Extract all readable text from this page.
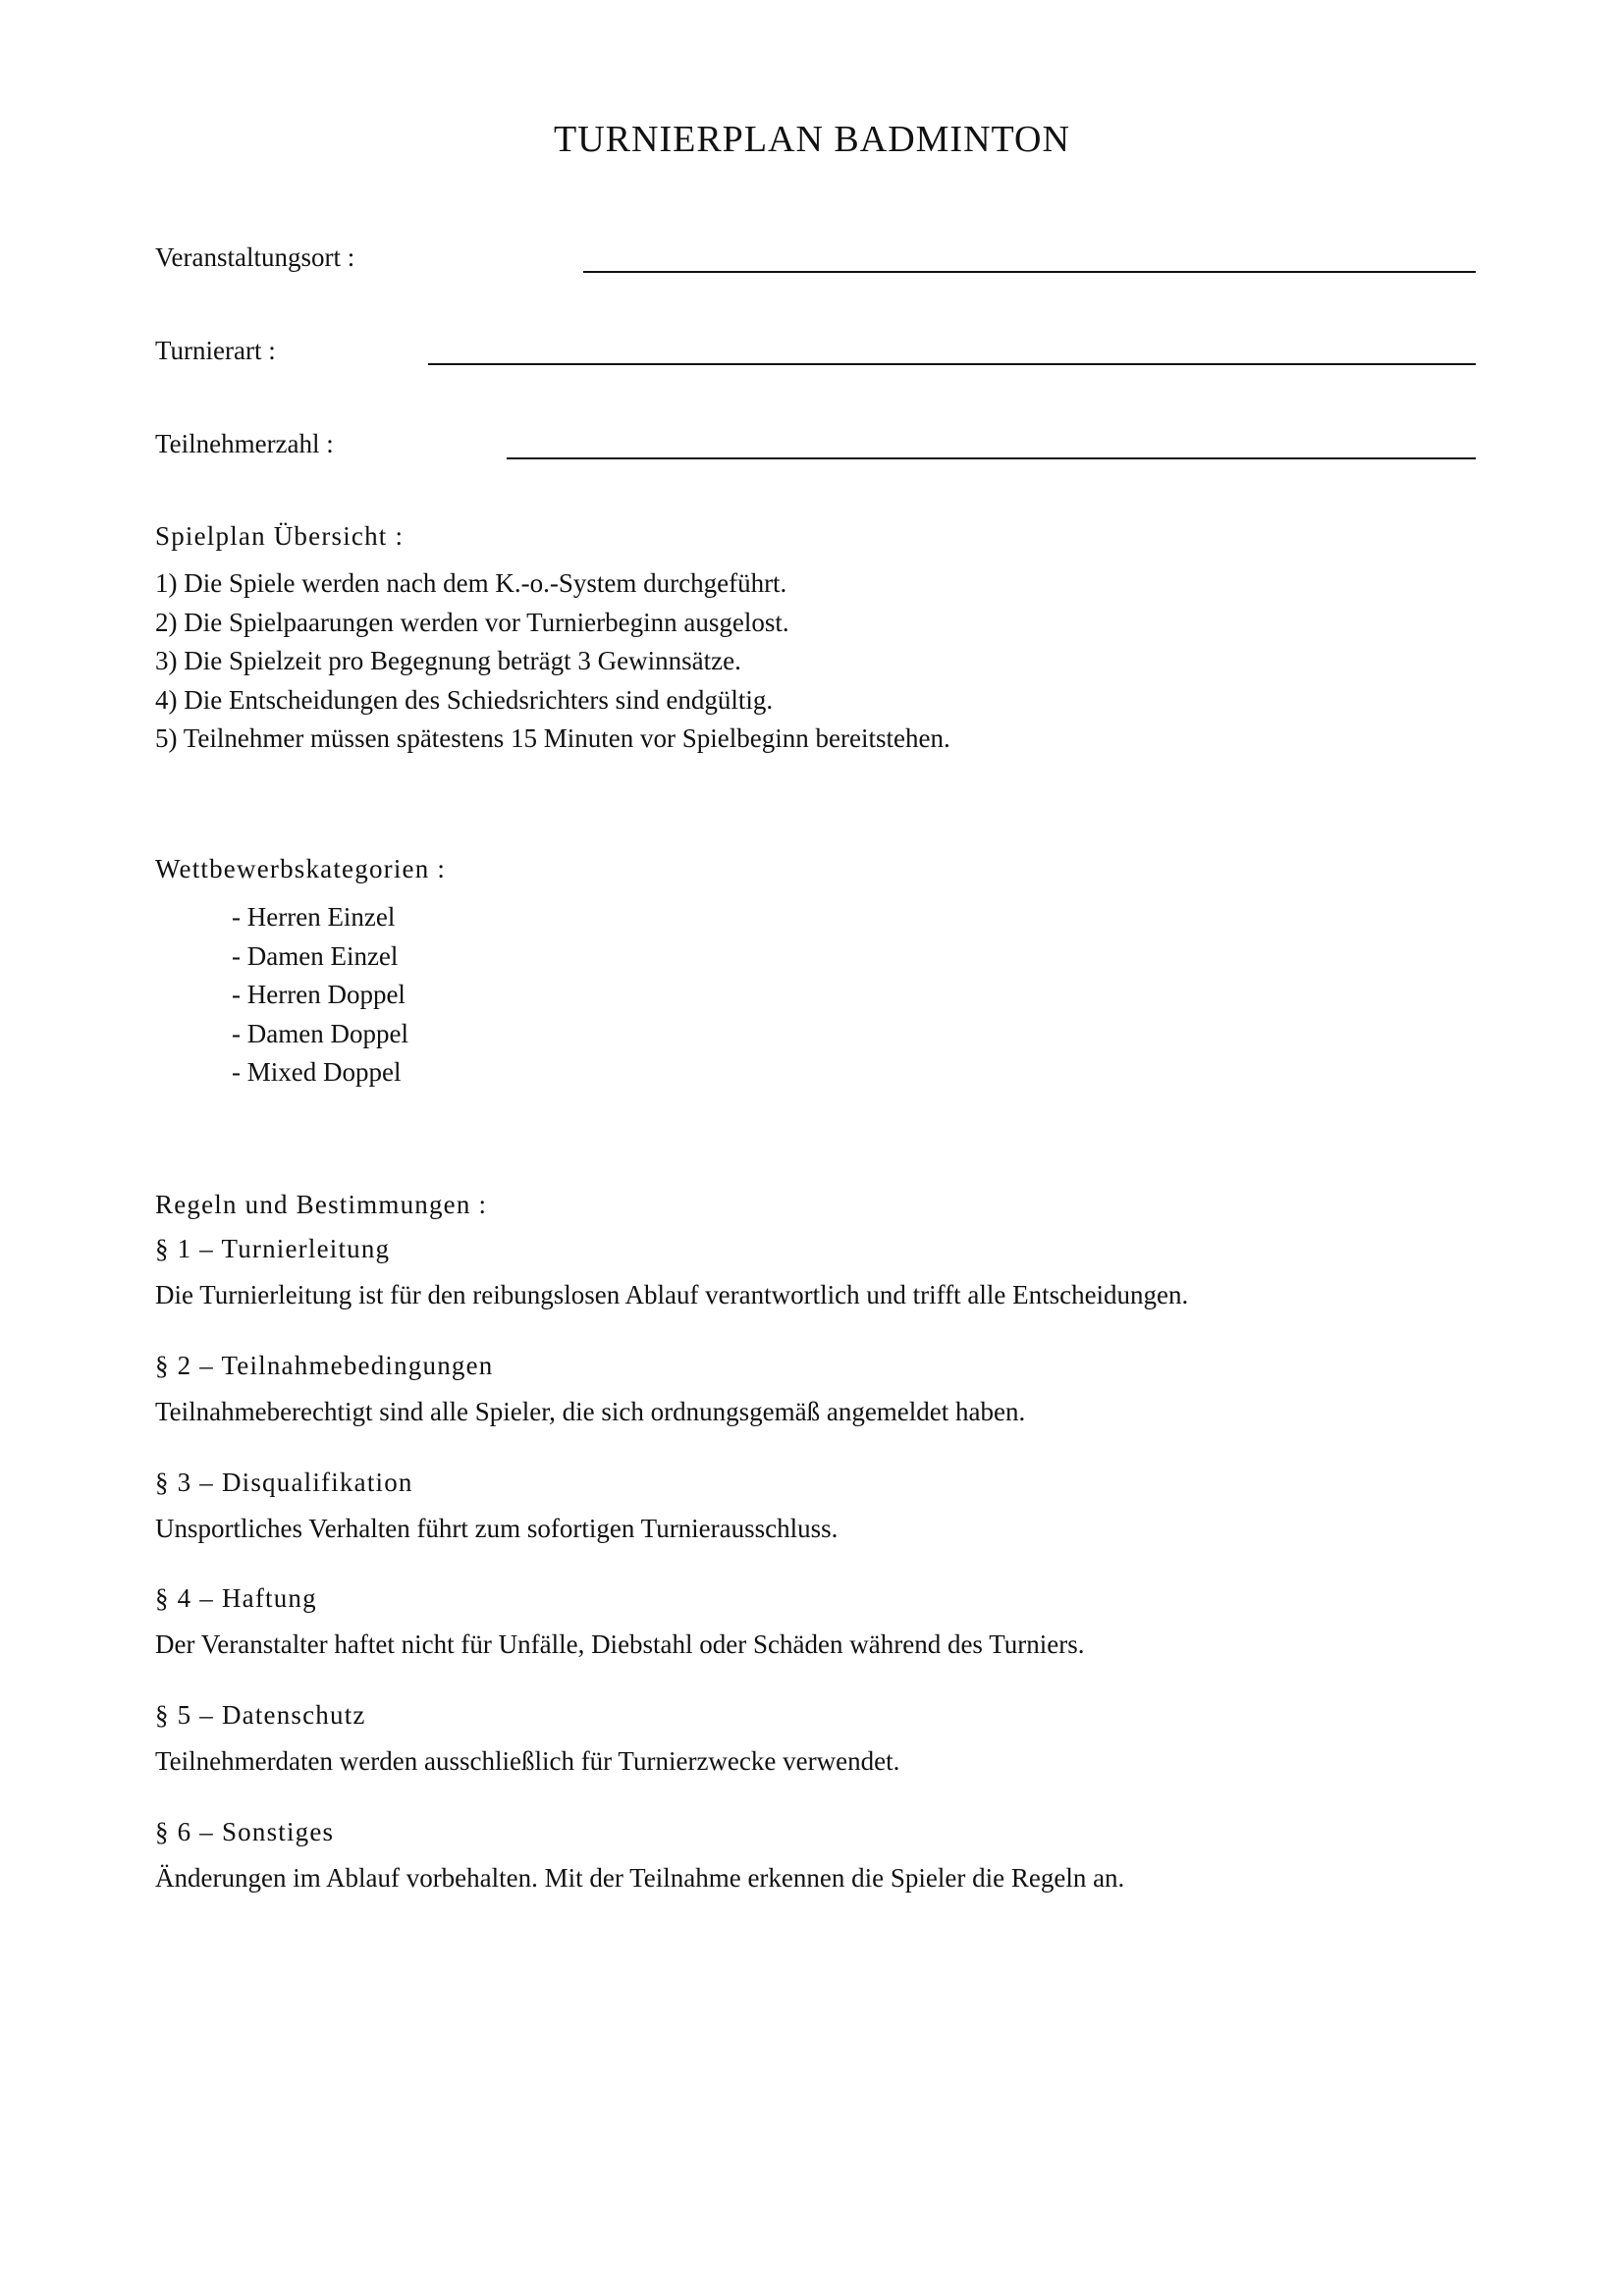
TURNIERPLAN BADMINTON
Veranstaltungsort :
Turnierart :
Teilnehmerzahl :
Spielplan Übersicht :
1) Die Spiele werden nach dem K.-o.-System durchgeführt.
2) Die Spielpaarungen werden vor Turnierbeginn ausgelost.
3) Die Spielzeit pro Begegnung beträgt 3 Gewinnsätze.
4) Die Entscheidungen des Schiedsrichters sind endgültig.
5) Teilnehmer müssen spätestens 15 Minuten vor Spielbeginn bereitstehen.
Wettbewerbskategorien :
- Herren Einzel
- Damen Einzel
- Herren Doppel
- Damen Doppel
- Mixed Doppel
Regeln und Bestimmungen :
§ 1 – Turnierleitung
Die Turnierleitung ist für den reibungslosen Ablauf verantwortlich und trifft alle Entscheidungen.
§ 2 – Teilnahmebedingungen
Teilnahmeberechtigt sind alle Spieler, die sich ordnungsgemäß angemeldet haben.
§ 3 – Disqualifikation
Unsportliches Verhalten führt zum sofortigen Turnierausschluss.
§ 4 – Haftung
Der Veranstalter haftet nicht für Unfälle, Diebstahl oder Schäden während des Turniers.
§ 5 – Datenschutz
Teilnehmerdaten werden ausschließlich für Turnierzwecke verwendet.
§ 6 – Sonstiges
Änderungen im Ablauf vorbehalten. Mit der Teilnahme erkennen die Spieler die Regeln an.
